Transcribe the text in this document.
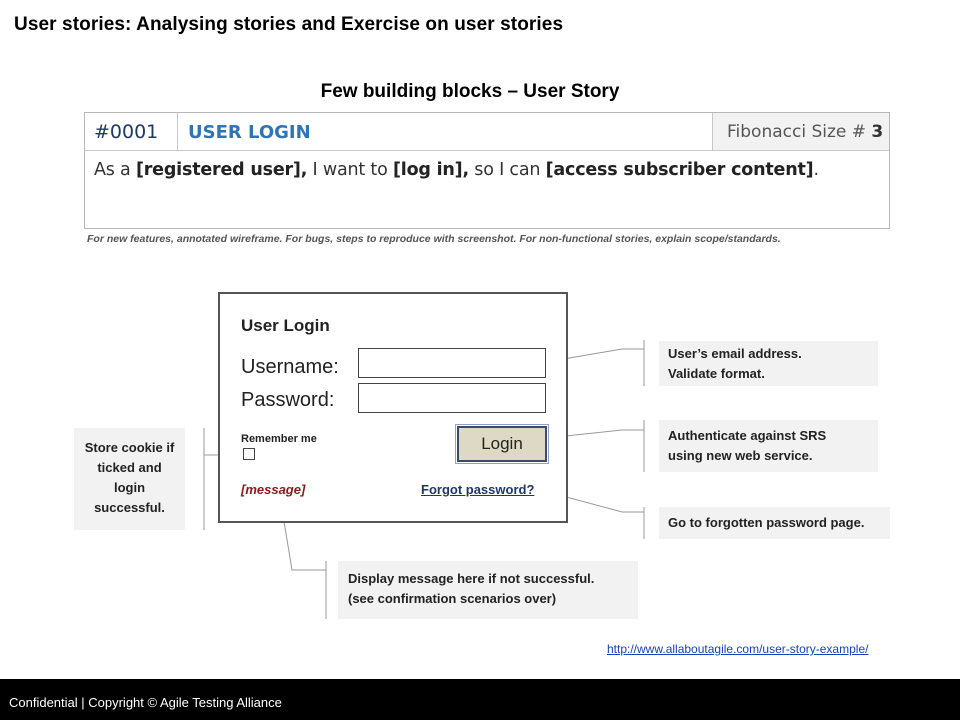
User stories: Analysing stories and Exercise on user stories
Few building blocks – User Story
#0001	USER LOGIN	Fibonacci Size # 3
As a [registered user], I want to [log in], so I can [access subscriber content].
For new features, annotated wireframe. For bugs, steps to reproduce with screenshot. For non-functional stories, explain scope/standards.
User Login
Username:
Password:
Remember me	Login
[message]	Forgot password?
User’s email address.
Validate format.
Authenticate against SRS
using new web service.
Go to forgotten password page.
Display message here if not successful.
(see confirmation scenarios over)
Store cookie if
ticked and
login
successful.
http://www.allaboutagile.com/user-story-example/
Confidential | Copyright © Agile Testing Alliance
